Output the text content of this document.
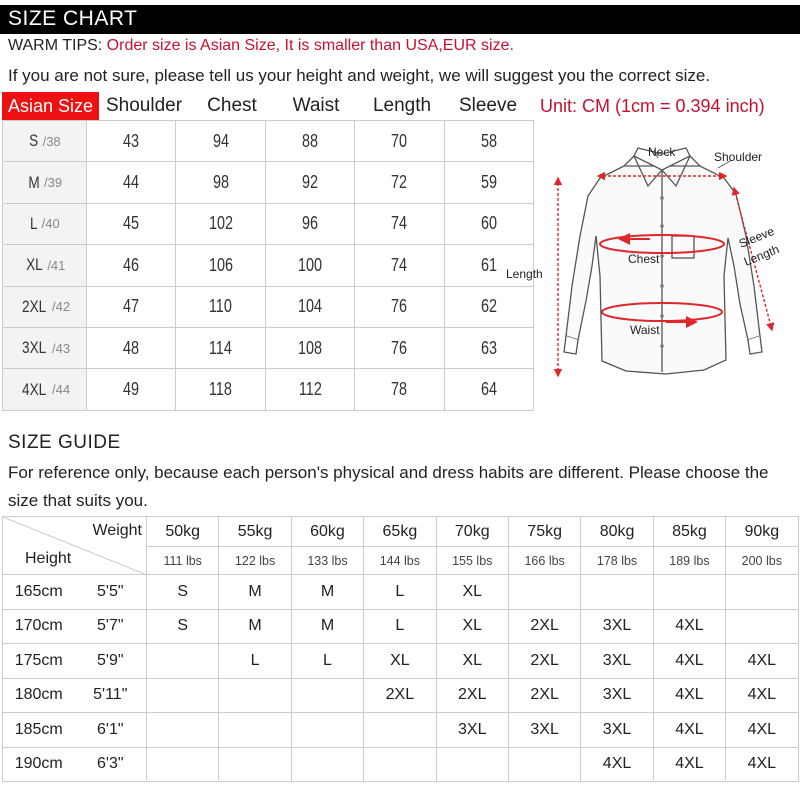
SIZE CHART
WARM TIPS: Order size is Asian Size, It is smaller than USA,EUR size.
If you are not sure, please tell us your height and weight, we will suggest you the correct size.
Asian Size Shoulder	Chest	Waist	Length	Sleeve	Unit: CM (1cm = 0.394 inch)
S /38	43	94	88	70	58
M /39	44	98	92	72	59
L /40	45	102	96	74	60
XL /41	46	106	100	74	61
2XL /42	47	110	104	76	62
3XL /43	48	114	108	76	63
4XL /44	49	118	112	78	64
Neck	Shoulder
Chest
Waist
Length
Sleeve
Length
SIZE GUIDE
For reference only, because each person's physical and dress habits are different. Please choose the size that suits you.
Weight
Height		50kg	55kg	60kg	65kg	70kg	75kg	80kg	85kg	90kg
		111 lbs	122 lbs	133 lbs	144 lbs	155 lbs	166 lbs	178 lbs	189 lbs	200 lbs
165cm	5'5"	S	M	M	L	XL				
170cm	5'7"	S	M	M	L	XL	2XL	3XL	4XL	
175cm	5'9"		L	L	XL	XL	2XL	3XL	4XL	4XL
180cm	5'11"				2XL	2XL	2XL	3XL	4XL	4XL
185cm	6'1"					3XL	3XL	3XL	4XL	4XL
190cm	6'3"							4XL	4XL	4XL
